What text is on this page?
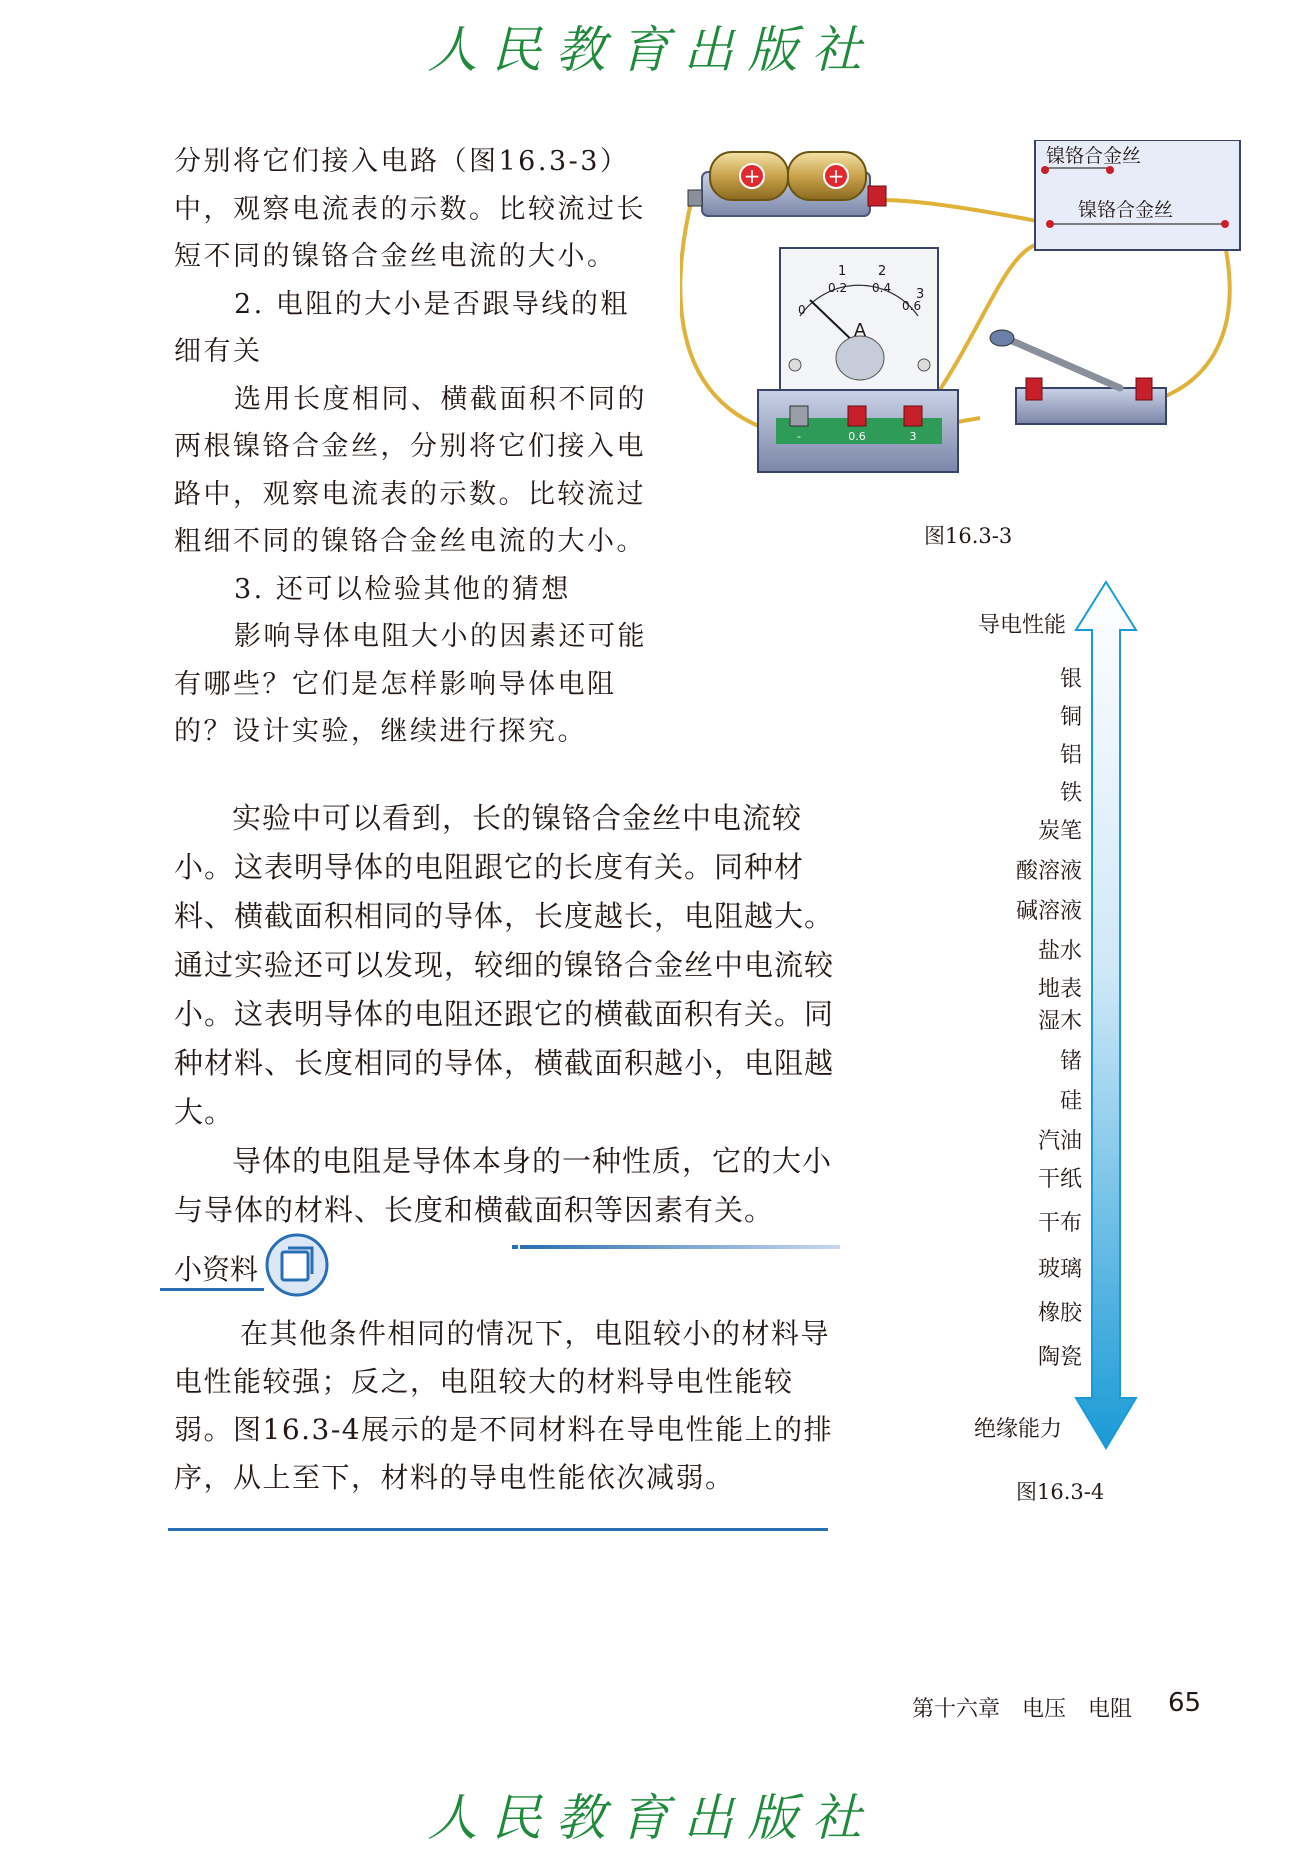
人民教育出版社

分别将它们接入电路（图16.3-3）中，观察电流表的示数。比较流过长短不同的镍铬合金丝电流的大小。

2. 电阻的大小是否跟导线的粗细有关

选用长度相同、横截面积不同的两根镍铬合金丝，分别将它们接入电路中，观察电流表的示数。比较流过粗细不同的镍铬合金丝电流的大小。

3. 还可以检验其他的猜想

影响导体电阻大小的因素还可能有哪些？它们是怎样影响导体电阻的？设计实验，继续进行探究。

+	+
镍铬合金丝
镍铬合金丝
A
0
1 2
3
0.2 0.4
0.6
-	0.6	3
图16.3-3

实验中可以看到，长的镍铬合金丝中电流较小。这表明导体的电阻跟它的长度有关。同种材料、横截面积相同的导体，长度越长，电阻越大。通过实验还可以发现，较细的镍铬合金丝中电流较小。这表明导体的电阻还跟它的横截面积有关。同种材料、长度相同的导体，横截面积越小，电阻越大。

导体的电阻是导体本身的一种性质，它的大小与导体的材料、长度和横截面积等因素有关。

小资料

在其他条件相同的情况下，电阻较小的材料导电性能较强；反之，电阻较大的材料导电性能较弱。图16.3-4展示的是不同材料在导电性能上的排序，从上至下，材料的导电性能依次减弱。

导电性能
绝缘能力
银
铜
铝
铁
炭笔
酸溶液
碱溶液
盐水
地表
湿木
锗
硅
汽油
干纸
干布
玻璃
橡胶
陶瓷
图16.3-4
第十六章　电压　电阻 65
人民教育出版社
